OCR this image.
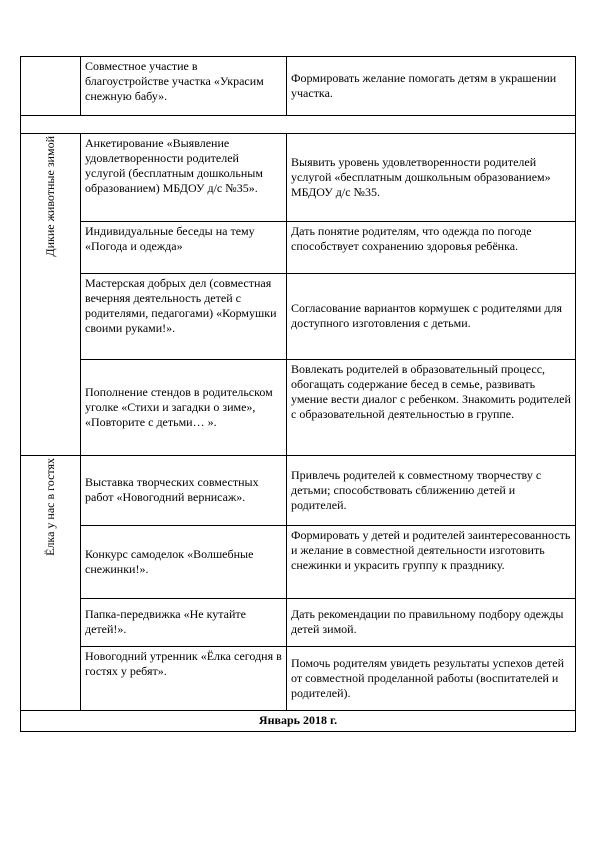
	Совместное участие в благоустройстве участка «Украсим снежную бабу».	Формировать желание помогать детям в украшении участка.

Дикие животные зимой	Анкетирование «Выявление удовлетворенности родителей услугой (бесплатным дошкольным образованием) МБДОУ д/с №35».	Выявить уровень удовлетворенности родителей услугой «бесплатным дошкольным образованием» МБДОУ д/с №35.

	Индивидуальные беседы на тему «Погода и одежда»	Дать понятие родителям, что одежда по погоде способствует сохранению здоровья ребёнка.

	Мастерская добрых дел (совместная вечерняя деятельность детей с родителями, педагогами) «Кормушки своими руками!».	Согласование вариантов кормушек с родителями для доступного изготовления с детьми.

	Пополнение стендов в родительском уголке «Стихи и загадки о зиме», «Повторите с детьми… ».	Вовлекать родителей в образовательный процесс, обогащать содержание бесед в семье, развивать умение вести диалог с ребенком. Знакомить родителей с образовательной деятельностью в группе.

Ёлка у нас в гостях	Выставка творческих совместных работ «Новогодний вернисаж».	Привлечь родителей к совместному творчеству с детьми; способствовать сближению детей и родителей.

	Конкурс самоделок «Волшебные снежинки!».	Формировать у детей и родителей заинтересованность и желание в совместной деятельности изготовить снежинки и украсить группу к празднику.

	Папка-передвижка «Не кутайте детей!».	Дать рекомендации по правильному подбору одежды детей зимой.

	Новогодний утренник «Ёлка сегодня в гостях у ребят».	Помочь родителям увидеть результаты успехов детей от совместной проделанной работы (воспитателей и родителей).

Январь 2018 г.		
